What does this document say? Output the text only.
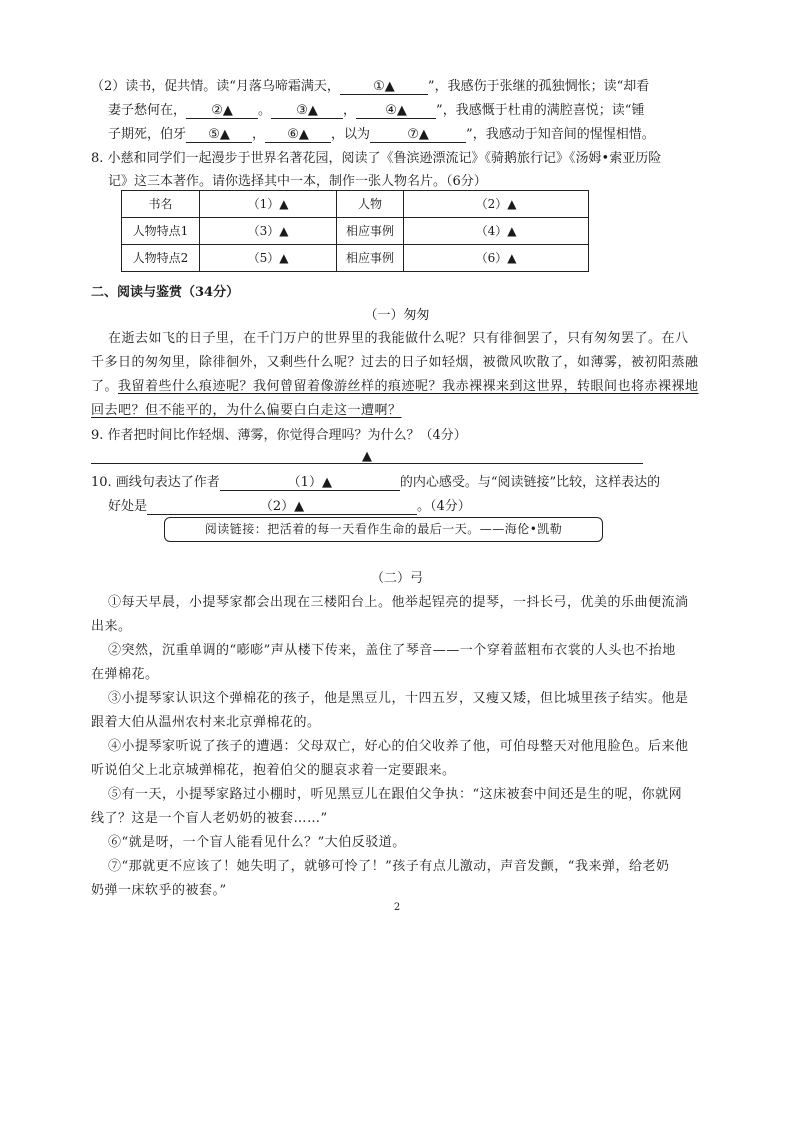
（2）读书，促共情。读“月落乌啼霜满天，	①▲	”，我感伤于张继的孤独惆怅；读“却看
妻子愁何在， ②▲ 。 ③▲ ， ④▲ ”，我感慨于杜甫的满腔喜悦；读“锺
子期死，伯牙 ⑤▲ ， ⑥▲ ，以为	⑦▲	”，我感动于知音间的惺惺相惜。
8. 小慈和同学们一起漫步于世界名著花园，阅读了《鲁滨逊漂流记》《骑鹅旅行记》《汤姆•索亚历险
记》这三本著作。请你选择其中一本，制作一张人物名片。（6分）
书名	（1）▲	人物	（2）▲
人物特点1	（3）▲	相应事例	（4）▲
人物特点2	（5）▲	相应事例	（6）▲
二、阅读与鉴赏（34分）
（一）匆匆
在逝去如飞的日子里，在千门万户的世界里的我能做什么呢？只有徘徊罢了，只有匆匆罢了。在八
千多日的匆匆里，除徘徊外，又剩些什么呢？过去的日子如轻烟，被微风吹散了，如薄雾，被初阳蒸融
了。我留着些什么痕迹呢？我何曾留着像游丝样的痕迹呢？我赤裸裸来到这世界，转眼间也将赤裸裸地
回去吧？但不能平的，为什么偏要白白走这一遭啊？
9. 作者把时间比作轻烟、薄雾，你觉得合理吗？为什么？（4分）
▲
10. 画线句表达了作者	（1）▲	的内心感受。与“阅读链接”比较，这样表达的
好处是	（2）▲	。（4分）
阅读链接：把活着的每一天看作生命的最后一天。——海伦•凯勒
（二）弓
①每天早晨，小提琴家都会出现在三楼阳台上。他举起锃亮的提琴，一抖长弓，优美的乐曲便流淌
出来。
②突然，沉重单调的“嘭嘭”声从楼下传来，盖住了琴音——一个穿着蓝粗布衣裳的人头也不抬地
在弹棉花。
③小提琴家认识这个弹棉花的孩子，他是黑豆儿，十四五岁，又瘦又矮，但比城里孩子结实。他是
跟着大伯从温州农村来北京弹棉花的。
④小提琴家听说了孩子的遭遇：父母双亡，好心的伯父收养了他，可伯母整天对他甩脸色。后来他
听说伯父上北京城弹棉花，抱着伯父的腿哀求着一定要跟来。
⑤有一天，小提琴家路过小棚时，听见黑豆儿在跟伯父争执：“这床被套中间还是生的呢，你就网
线了？这是一个盲人老奶奶的被套……”
⑥“就是呀，一个盲人能看见什么？”大伯反驳道。
⑦“那就更不应该了！她失明了，就够可怜了！”孩子有点儿激动，声音发颤，“我来弹，给老奶
奶弹一床软乎的被套。”
2
